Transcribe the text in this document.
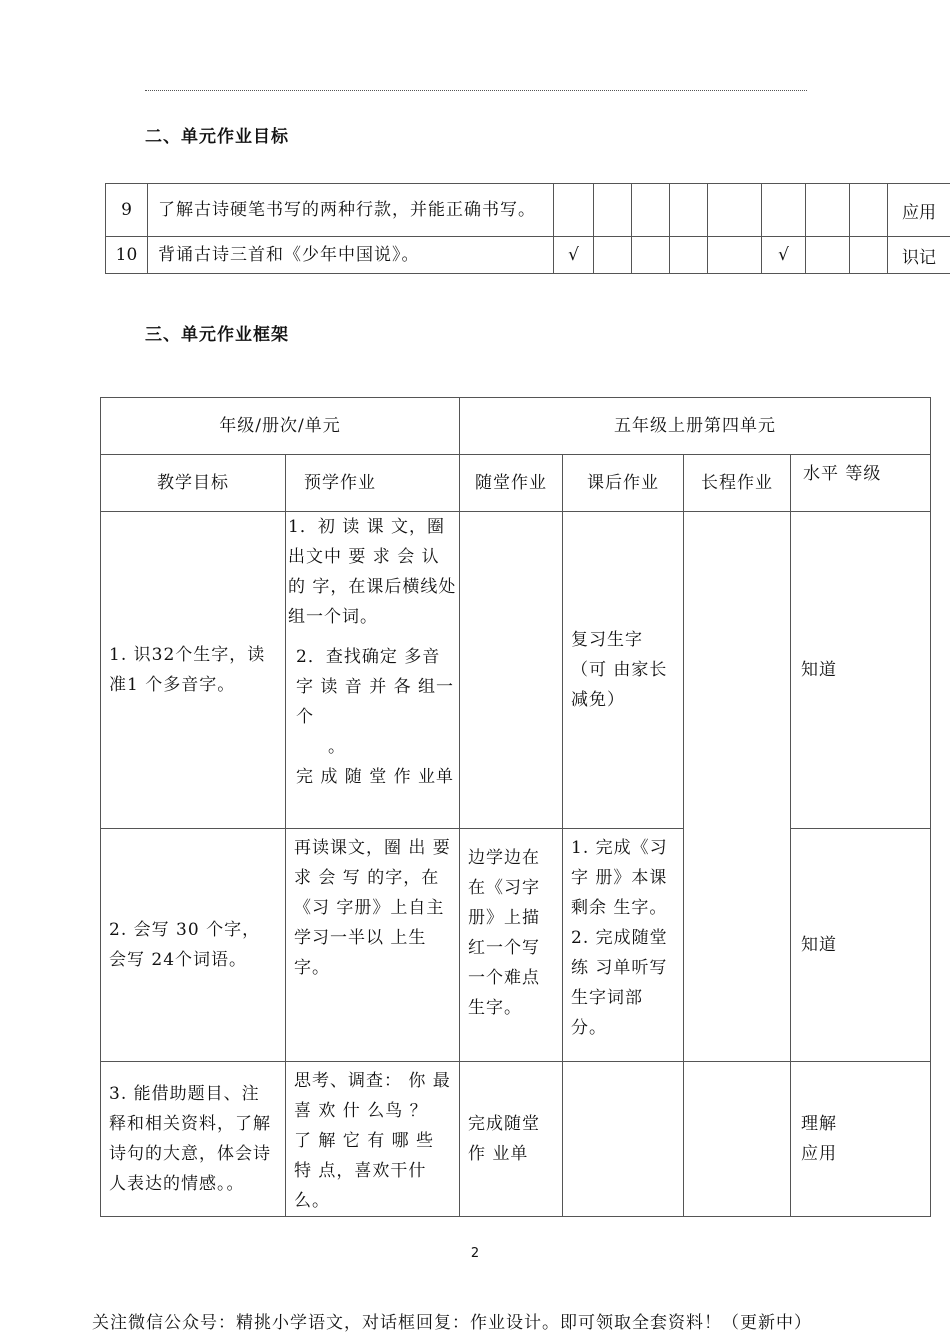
二、单元作业目标
9	了解古诗硬笔书写的两种行款，并能正确书写。									应用
10	背诵古诗三首和《少年中国说》。	√					√			识记
三、单元作业框架
年级/册次/单元		五年级上册第四单元			
教学目标	预学作业	随堂作业	课后作业	长程作业	水平 等级
1. 识32个生字，读准1 个多音字。	1．初 读 课 文，圈出文中 要 求 会 认 的 字，在课后横线处组一个词。
2．查找确定 多音 字 读 音 并 各 组一个
。
完 成 随 堂 作 业单		复习生字（可 由家长减免）		知道
2. 会写 30 个字，会写 24个词语。	再读课文，圈 出 要 求 会 写 的字，在《习 字册》上自主 学习一半以 上生字。	边学边在在《习字册》上描红一个写一个难点 生字。	1. 完成《习字 册》本课剩余 生字。
2. 完成随堂练 习单听写生字词部分。		知道
3. 能借助题目、注释和相关资料，了解诗句的大意，体会诗人表达的情感。。	思考、调查： 你 最 喜 欢 什 么鸟 ？ 了 解 它 有 哪 些 特 点，喜欢干什么。	完成随堂作 业单			理解
应用
2
关注微信公众号：精挑小学语文，对话框回复：作业设计。即可领取全套资料！（更新中）
